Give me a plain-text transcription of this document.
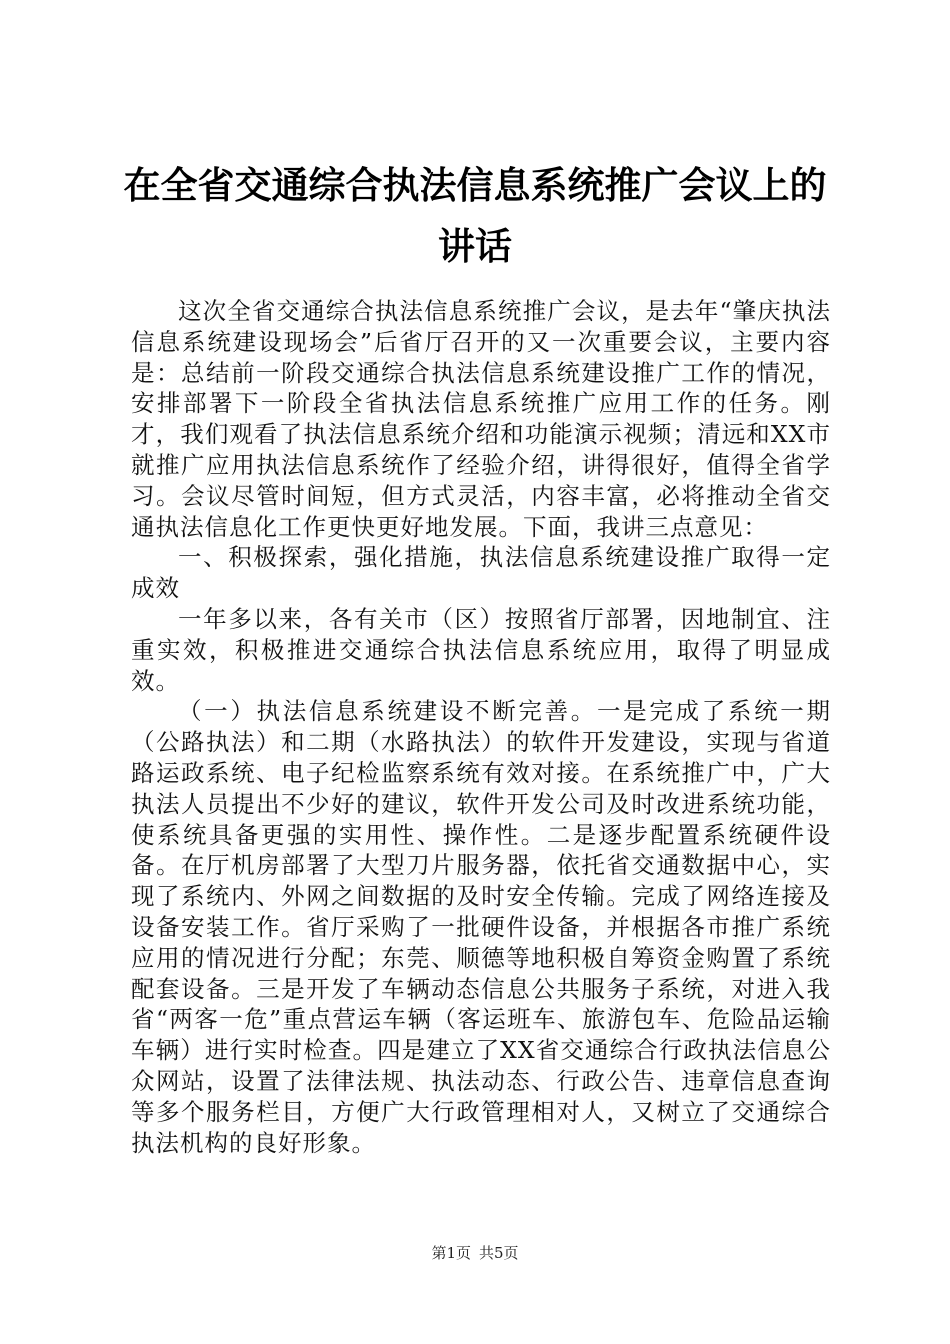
在全省交通综合执法信息系统推广会议上的讲话

这次全省交通综合执法信息系统推广会议，是去年“肇庆执法信息系统建设现场会”后省厅召开的又一次重要会议，主要内容是：总结前一阶段交通综合执法信息系统建设推广工作的情况，安排部署下一阶段全省执法信息系统推广应用工作的任务。刚才，我们观看了执法信息系统介绍和功能演示视频；清远和XX市就推广应用执法信息系统作了经验介绍，讲得很好，值得全省学习。会议尽管时间短，但方式灵活，内容丰富，必将推动全省交通执法信息化工作更快更好地发展。下面，我讲三点意见：

一、积极探索，强化措施，执法信息系统建设推广取得一定成效

一年多以来，各有关市（区）按照省厅部署，因地制宜、注重实效，积极推进交通综合执法信息系统应用，取得了明显成效。

（一）执法信息系统建设不断完善。一是完成了系统一期（公路执法）和二期（水路执法）的软件开发建设，实现与省道路运政系统、电子纪检监察系统有效对接。在系统推广中，广大执法人员提出不少好的建议，软件开发公司及时改进系统功能，使系统具备更强的实用性、操作性。二是逐步配置系统硬件设备。在厅机房部署了大型刀片服务器，依托省交通数据中心，实现了系统内、外网之间数据的及时安全传输。完成了网络连接及设备安装工作。省厅采购了一批硬件设备，并根据各市推广系统应用的情况进行分配；东莞、顺德等地积极自筹资金购置了系统配套设备。三是开发了车辆动态信息公共服务子系统，对进入我省“两客一危”重点营运车辆（客运班车、旅游包车、危险品运输车辆）进行实时检查。四是建立了XX省交通综合行政执法信息公众网站，设置了法律法规、执法动态、行政公告、违章信息查询等多个服务栏目，方便广大行政管理相对人，又树立了交通综合执法机构的良好形象。

第1页 共5页
